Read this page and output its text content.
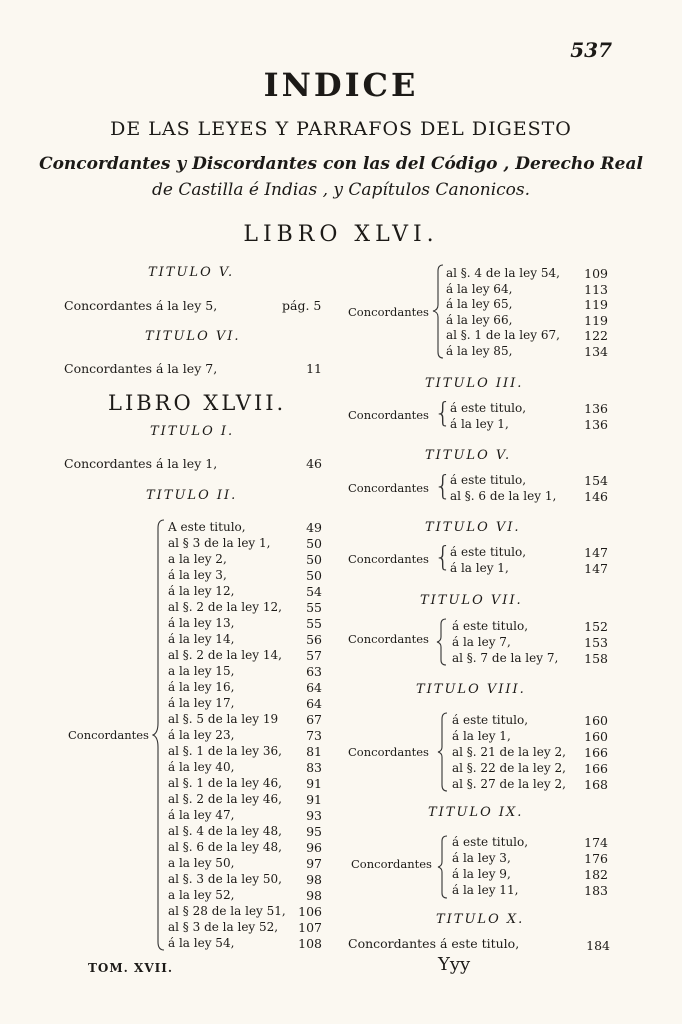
537
INDICE
DE LAS LEYES Y PARRAFOS DEL DIGESTO
Concordantes y Discordantes con las del Código , Derecho Real
de Castilla é Indias , y Capítulos Canonicos.
LIBRO XLVI.
TITULO V.
Concordantes á la ley 5,	pág. 5
TITULO VI.
Concordantes á la ley 7,	11
LIBRO XLVII.
TITULO I.
Concordantes á la ley 1,	46
TITULO II.
Concordantes
A este titulo,	49
al § 3 de la ley 1,	50
a la ley 2,	50
á la ley 3,	50
á la ley 12,	54
al §. 2 de la ley 12,	55
á la ley 13,	55
á la ley 14,	56
al §. 2 de la ley 14,	57
a la ley 15,	63
á la ley 16,	64
á la ley 17,	64
al §. 5 de la ley 19	67
á la ley 23,	73
al §. 1 de la ley 36,	81
á la ley 40,	83
al §. 1 de la ley 46,	91
al §. 2 de la ley 46,	91
á la ley 47,	93
al §. 4 de la ley 48,	95
al §. 6 de la ley 48,	96
a la ley 50,	97
al §. 3 de la ley 50,	98
a la ley 52,	98
al § 28 de la ley 51, 106
al § 3 de la ley 52,	107
á la ley 54,	108
Concordantes
al §. 4 de la ley 54,	109
á la ley 64,	113
á la ley 65,	119
á la ley 66,	119
al §. 1 de la ley 67,	122
á la ley 85,	134
TITULO III.
Concordantes {
á este titulo,	136
á la ley 1,	136
TITULO V.
Concordantes {
á este titulo,	154
al §. 6 de la ley 1,	146
TITULO VI.
Concordantes {
á este titulo,	147
á la ley 1,	147
TITULO VII.
Concordantes
á este titulo,	152
á la ley 7,	153
al §. 7 de la ley 7,	158
TITULO VIII.
Concordantes
á este titulo,	160
á la ley 1,	160
al §. 21 de la ley 2,	166
al §. 22 de la ley 2,	166
al §. 27 de la ley 2,	168
TITULO IX.
Concordantes
á este titulo,	174
á la ley 3,	176
á la ley 9,	182
á la ley 11,	183
TITULO X.
Concordantes á este titulo,	184
TOM. XVII.	Yyy
